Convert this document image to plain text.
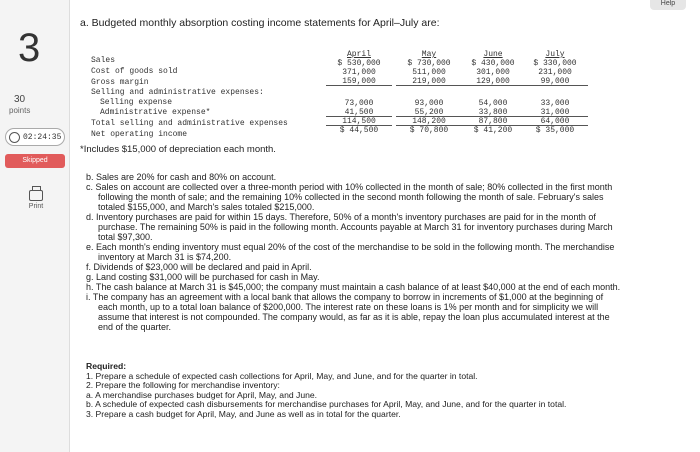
3
30
points
02:24:35
Skipped
Print
Help
a. Budgeted monthly absorption costing income statements for April–July are:
Sales
Cost of goods sold
Gross margin
Selling and administrative expenses:
Selling expense
Administrative expense*
Total selling and administrative expenses
Net operating income
April
$ 530,000
371,000
159,000
73,000
41,500
114,500
$ 44,500
May
$ 730,000
511,000
219,000
93,000
55,200
148,200
$ 70,800
June
$ 430,000
301,000
129,000
54,000
33,800
87,800
$ 41,200
July
$ 330,000
231,000
99,000
33,000
31,000
64,000
$ 35,000
*Includes $15,000 of depreciation each month.

b. Sales are 20% for cash and 80% on account.

c. Sales on account are collected over a three-month period with 10% collected in the month of sale; 80% collected in the first month

following the month of sale; and the remaining 10% collected in the second month following the month of sale. February's sales

totaled $155,000, and March's sales totaled $215,000.

d. Inventory purchases are paid for within 15 days. Therefore, 50% of a month's inventory purchases are paid for in the month of

purchase. The remaining 50% is paid in the following month. Accounts payable at March 31 for inventory purchases during March

total $97,300.

e. Each month's ending inventory must equal 20% of the cost of the merchandise to be sold in the following month. The merchandise

inventory at March 31 is $74,200.

f. Dividends of $23,000 will be declared and paid in April.

g. Land costing $31,000 will be purchased for cash in May.

h. The cash balance at March 31 is $45,000; the company must maintain a cash balance of at least $40,000 at the end of each month.

i. The company has an agreement with a local bank that allows the company to borrow in increments of $1,000 at the beginning of

each month, up to a total loan balance of $200,000. The interest rate on these loans is 1% per month and for simplicity we will

assume that interest is not compounded. The company would, as far as it is able, repay the loan plus accumulated interest at the

end of the quarter.

Required:

1. Prepare a schedule of expected cash collections for April, May, and June, and for the quarter in total.

2. Prepare the following for merchandise inventory:

a. A merchandise purchases budget for April, May, and June.

b. A schedule of expected cash disbursements for merchandise purchases for April, May, and June, and for the quarter in total.

3. Prepare a cash budget for April, May, and June as well as in total for the quarter.
